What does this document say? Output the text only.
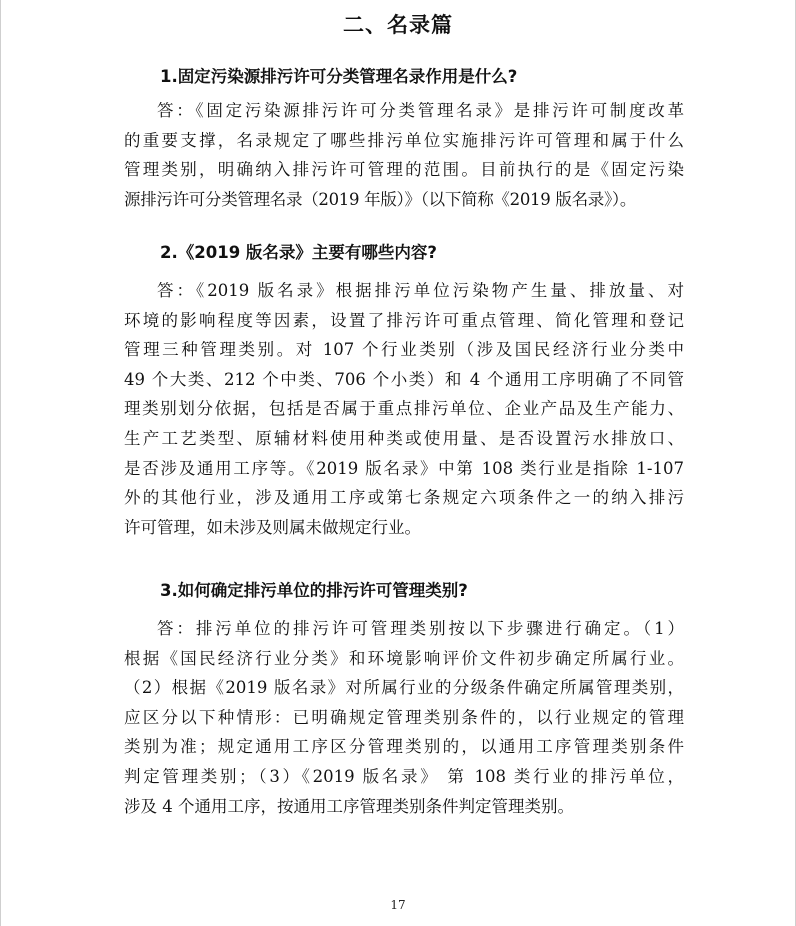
二、名录篇
1.固定污染源排污许可分类管理名录作用是什么?
答：《固定污染源排污许可分类管理名录》是排污许可制度改革
的重要支撑，名录规定了哪些排污单位实施排污许可管理和属于什么
管理类别，明确纳入排污许可管理的范围。目前执行的是《固定污染
源排污许可分类管理名录（2019 年版）》（以下简称《2019 版名录》）。
2.《2019 版名录》主要有哪些内容?
答：《2019 版名录》根据排污单位污染物产生量、排放量、对
环境的影响程度等因素，设置了排污许可重点管理、简化管理和登记
管理三种管理类别。对 107 个行业类别（涉及国民经济行业分类中
49 个大类、212 个中类、706 个小类）和 4 个通用工序明确了不同管
理类别划分依据，包括是否属于重点排污单位、企业产品及生产能力、
生产工艺类型、原辅材料使用种类或使用量、是否设置污水排放口、
是否涉及通用工序等。《2019 版名录》中第 108 类行业是指除 1-107
外的其他行业，涉及通用工序或第七条规定六项条件之一的纳入排污
许可管理，如未涉及则属未做规定行业。
3.如何确定排污单位的排污许可管理类别?
答：排污单位的排污许可管理类别按以下步骤进行确定。（1）
根据《国民经济行业分类》和环境影响评价文件初步确定所属行业。
（2）根据《2019 版名录》对所属行业的分级条件确定所属管理类别，
应区分以下种情形：已明确规定管理类别条件的，以行业规定的管理
类别为准；规定通用工序区分管理类别的，以通用工序管理类别条件
判定管理类别；（3）《2019 版名录》 第 108 类行业的排污单位，
涉及 4 个通用工序，按通用工序管理类别条件判定管理类别。
17
